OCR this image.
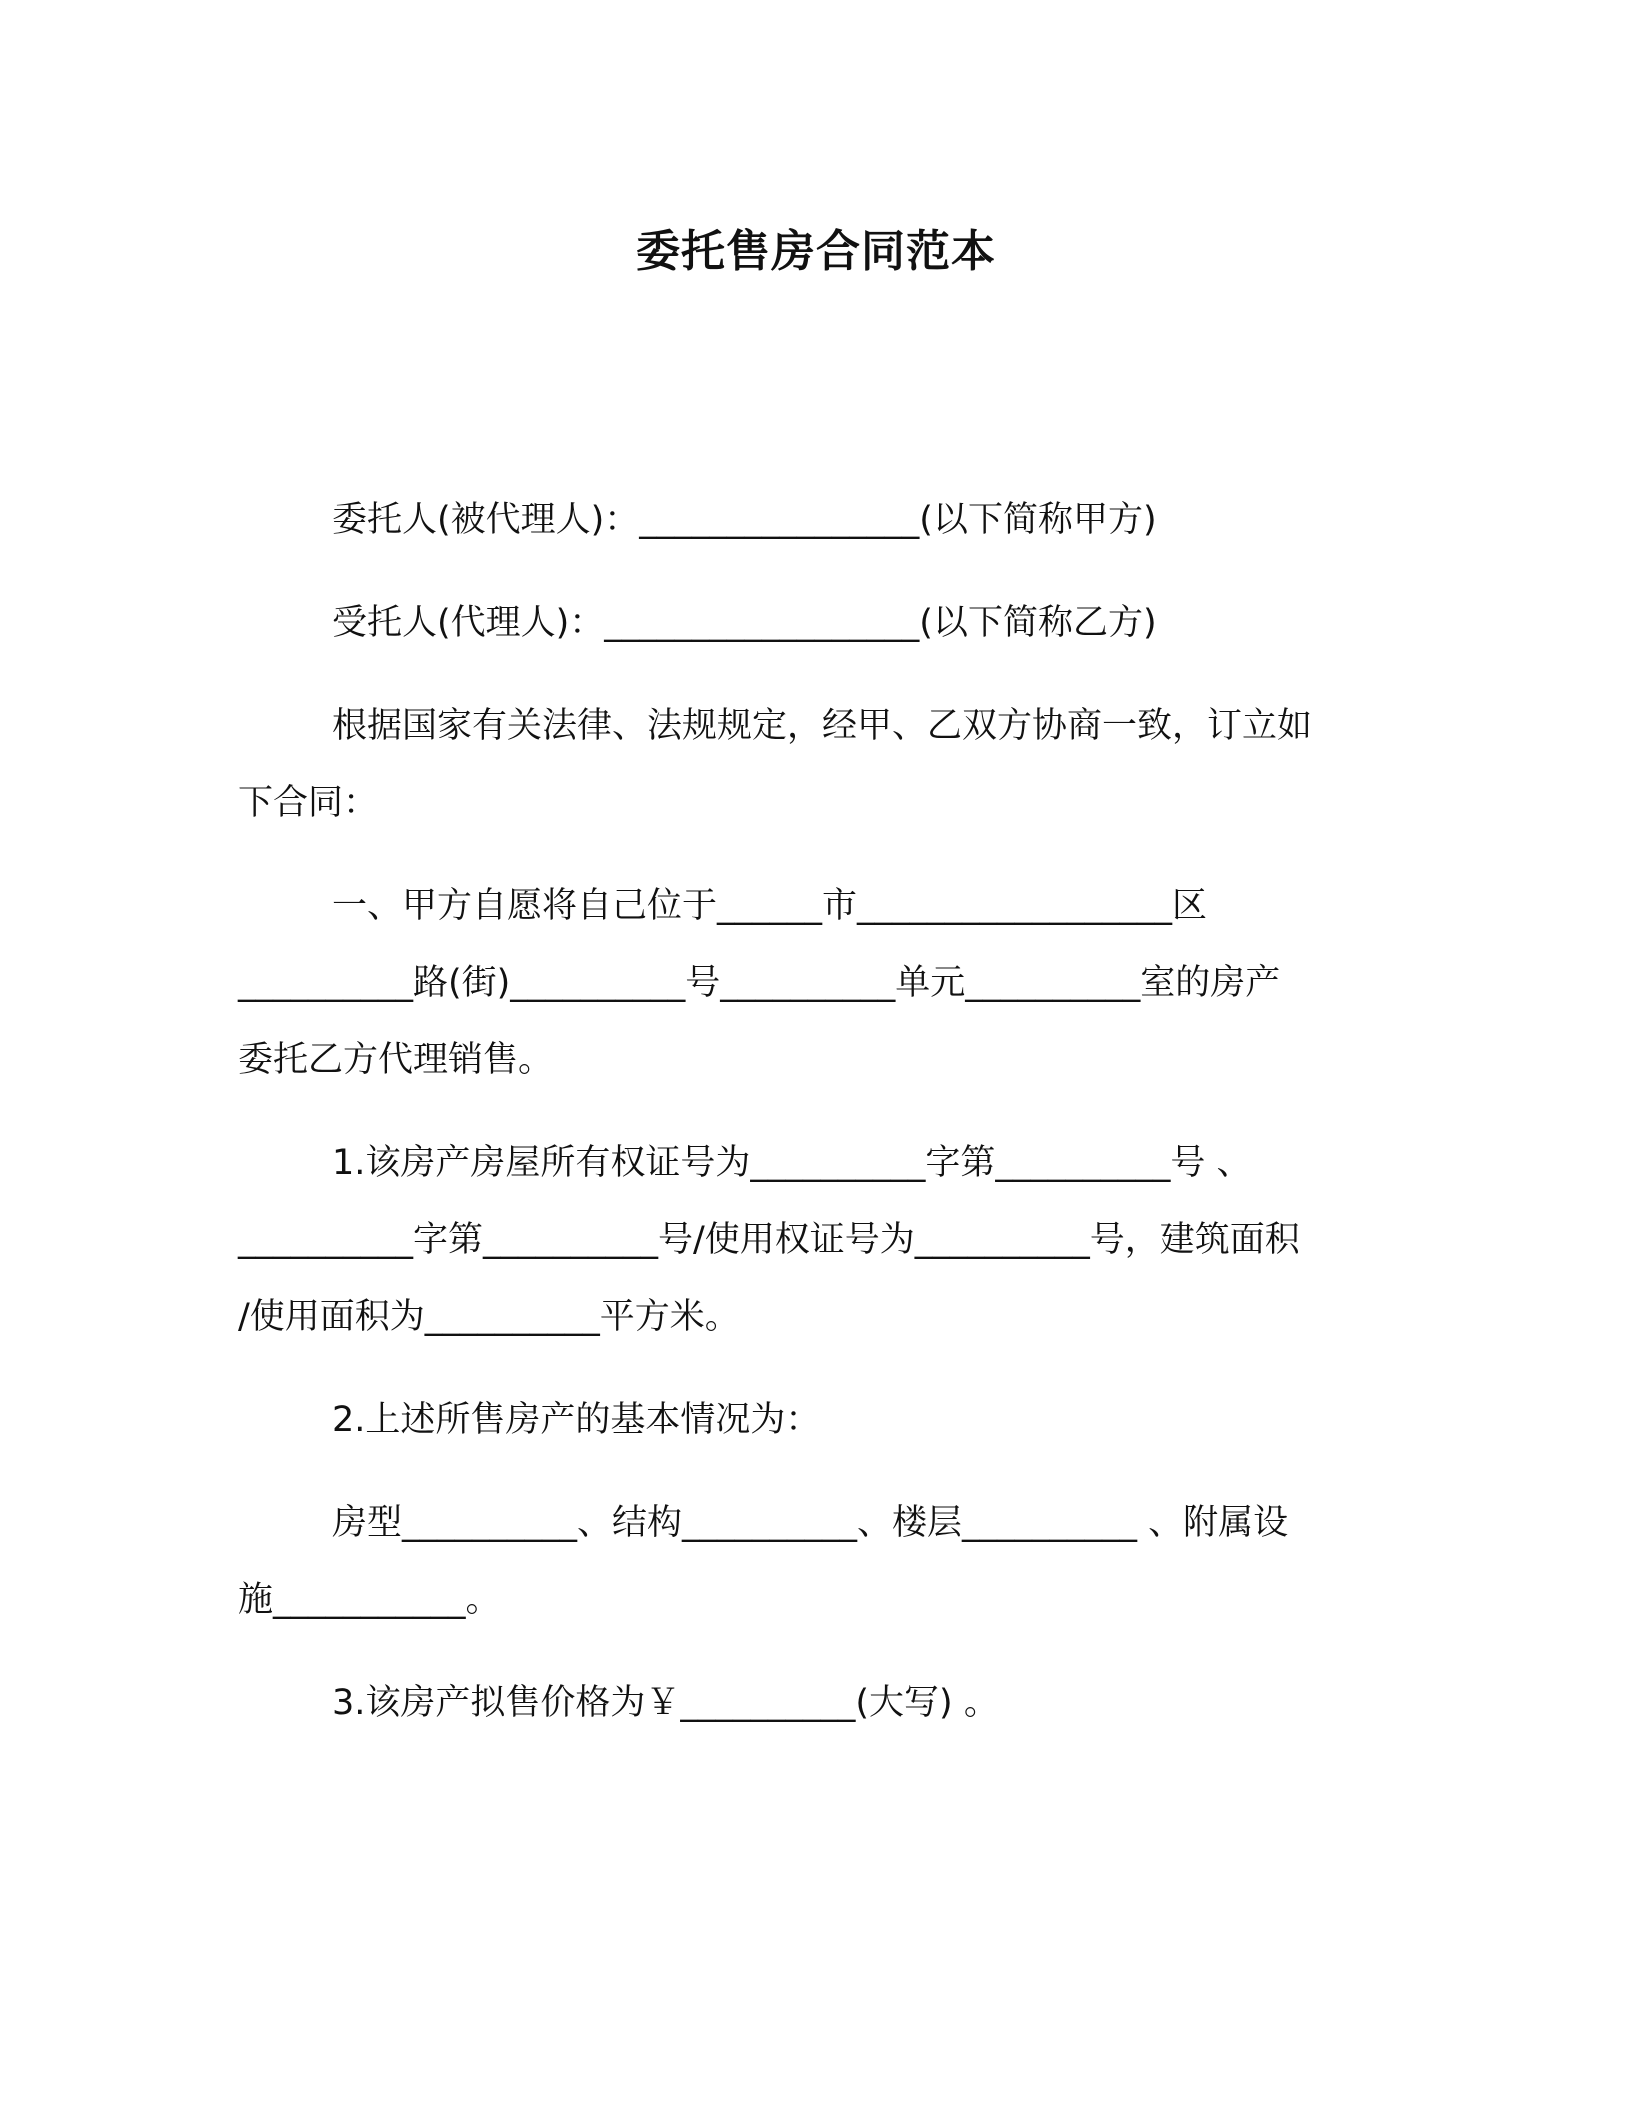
委托售房合同范本
委托人(被代理人)：________________(以下简称甲方)
受托人(代理人)：__________________(以下简称乙方)
根据国家有关法律、法规规定，经甲、乙双方协商一致，订立如
下合同：
一、甲方自愿将自己位于______市__________________区
__________路(街)__________号__________单元__________室的房产
委托乙方代理销售。
1.该房产房屋所有权证号为__________字第__________号 、
__________字第__________号/使用权证号为__________号，建筑面积
/使用面积为__________平方米。
2.上述所售房产的基本情况为：
房型__________、结构__________、楼层__________ 、附属设
施___________。
3.该房产拟售价格为￥__________(大写) 。
